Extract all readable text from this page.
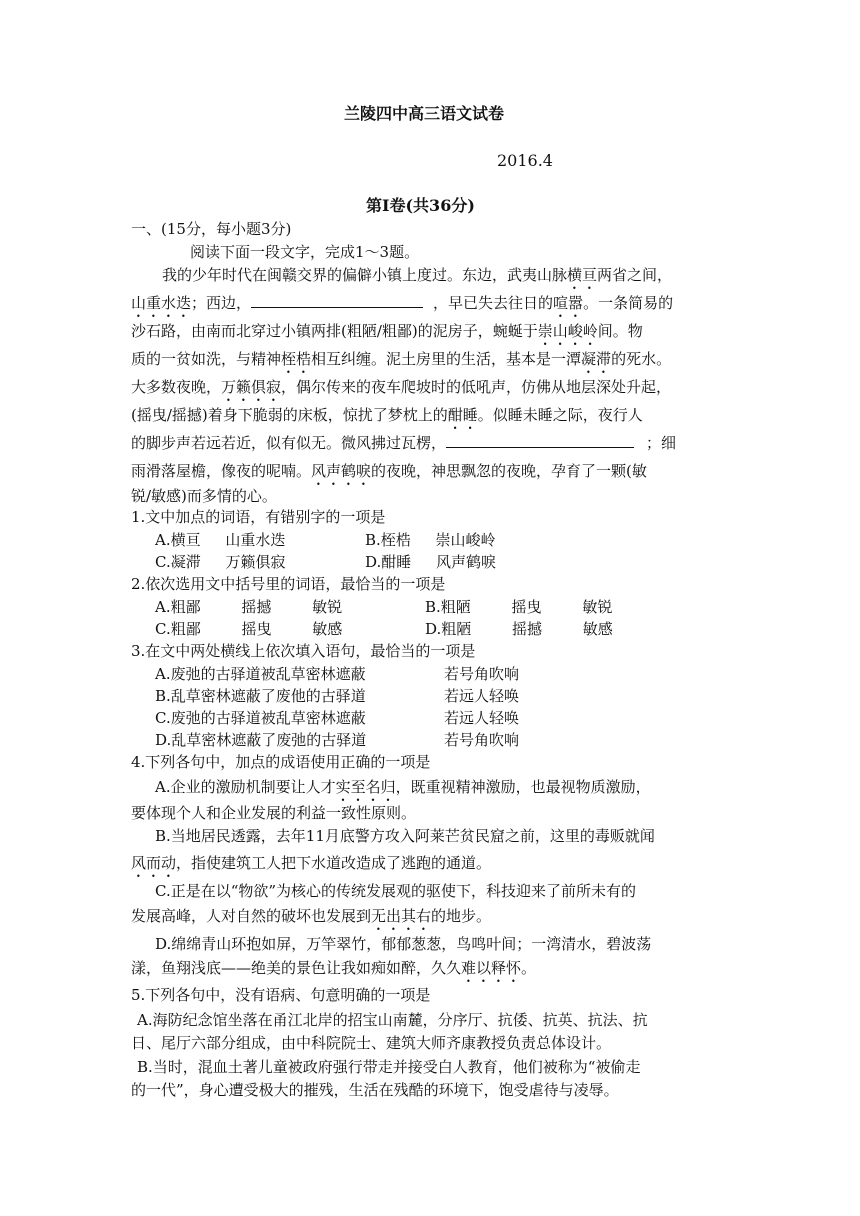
兰陵四中高三语文试卷
2016.4
第Ⅰ卷(共36分)
一、(15分，每小题3分)
阅读下面一段文字，完成1～3题。
我的少年时代在闽赣交界的偏僻小镇上度过。东边，武夷山脉横亘两省之间，
山重水迭；西边，	，早已失去往日的喧嚣。一条简易的
沙石路，由南而北穿过小镇两排(粗陋/粗鄙)的泥房子，蜿蜒于崇山峻岭间。物
质的一贫如洗，与精神桎梏相互纠缠。泥土房里的生活，基本是一潭凝滞的死水。
大多数夜晚，万籁俱寂，偶尔传来的夜车爬坡时的低吼声，仿佛从地层深处升起，
(摇曳/摇撼)着身下脆弱的床板，惊扰了梦枕上的酣睡。似睡未睡之际，夜行人
的脚步声若远若近，似有似无。微风拂过瓦楞，	；细
雨滑落屋檐，像夜的呢喃。风声鹤唳的夜晚，神思飘忽的夜晚，孕育了一颗(敏
锐/敏感)而多情的心。
1.文中加点的词语，有错别字的一项是
A.横亘 山重水迭	B.桎梏 崇山峻岭
C.凝滞 万籁俱寂	D.酣睡 风声鹤唳
2.依次选用文中括号里的词语，最恰当的一项是
A.粗鄙 摇撼 敏锐	B.粗陋 摇曳 敏锐
C.粗鄙 摇曳 敏感	D.粗陋 摇撼 敏感
3.在文中两处横线上依次填入语句，最恰当的一项是
A.废弛的古驿道被乱草密林遮蔽	若号角吹响
B.乱草密林遮蔽了废他的古驿道	若远人轻唤
C.废弛的古驿道被乱草密林遮蔽	若远人轻唤
D.乱草密林遮蔽了废弛的古驿道	若号角吹响
4.下列各句中，加点的成语使用正确的一项是
A.企业的激励机制要让人才实至名归，既重视精神激励，也最视物质激励，
要体现个人和企业发展的利益一致性原则。
B.当地居民透露，去年11月底警方攻入阿莱芒贫民窟之前，这里的毒贩就闻
风而动，指使建筑工人把下水道改造成了逃跑的通道。
C.正是在以“物欲”为核心的传统发展观的驱使下，科技迎来了前所未有的
发展高峰，人对自然的破坏也发展到无出其右的地步。
D.绵绵青山环抱如屏，万竿翠竹，郁郁葱葱，鸟鸣叶间；一湾清水，碧波荡
漾，鱼翔浅底——绝美的景色让我如痴如醉，久久难以释怀。
5.下列各句中，没有语病、句意明确的一项是
A.海防纪念馆坐落在甬江北岸的招宝山南麓，分序厅、抗倭、抗英、抗法、抗
日、尾厅六部分组成，由中科院院士、建筑大师齐康教授负责总体设计。
B.当时，混血土著儿童被政府强行带走并接受白人教育，他们被称为“被偷走
的一代”，身心遭受极大的摧残，生活在残酷的环境下，饱受虐待与凌辱。
